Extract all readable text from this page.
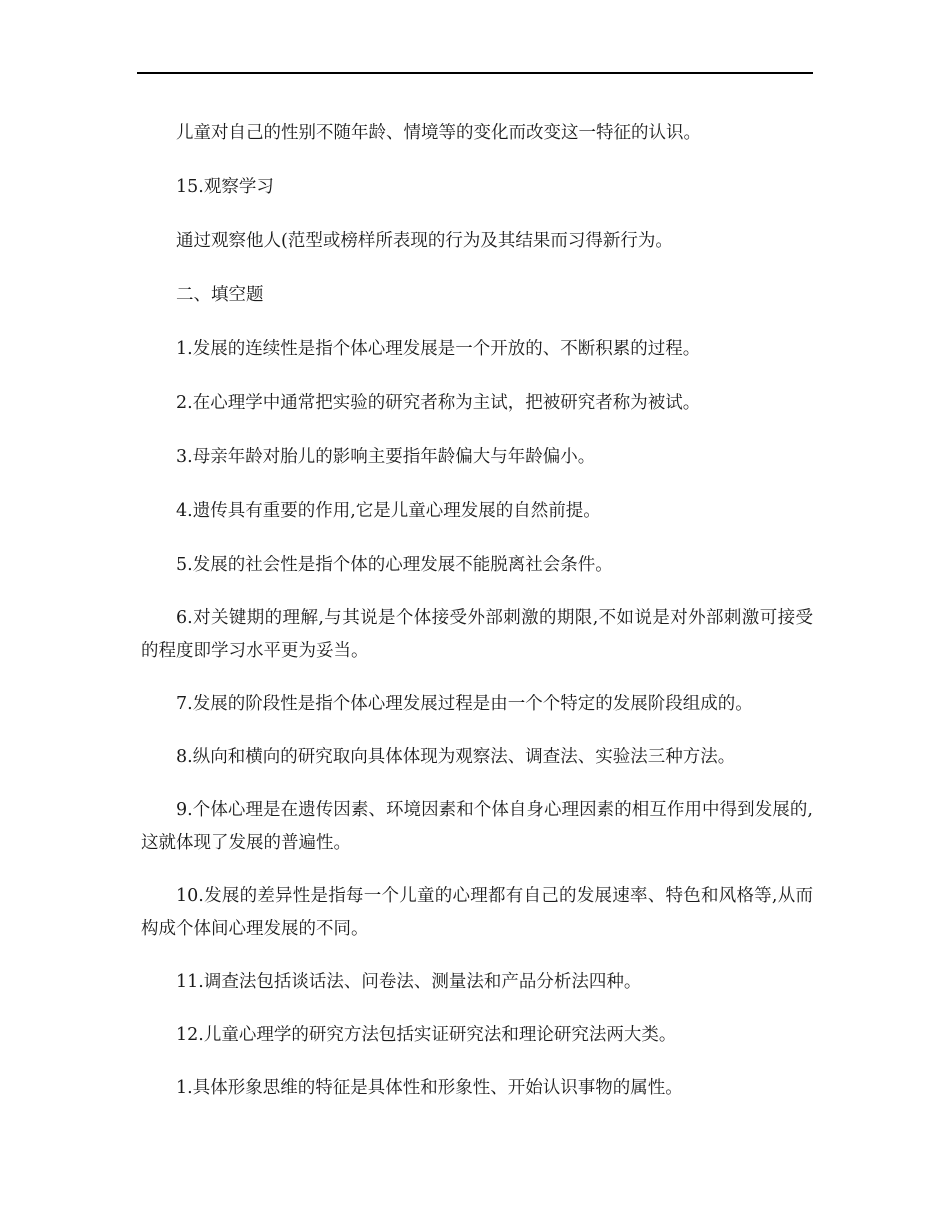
儿童对自己的性别不随年龄、情境等的变化而改变这一特征的认识。

15.观察学习

通过观察他人(范型或榜样所表现的行为及其结果而习得新行为。

二、填空题

1.发展的连续性是指个体心理发展是一个开放的、不断积累的过程。

2.在心理学中通常把实验的研究者称为主试，把被研究者称为被试。

3.母亲年龄对胎儿的影响主要指年龄偏大与年龄偏小。

4.遗传具有重要的作用,它是儿童心理发展的自然前提。

5.发展的社会性是指个体的心理发展不能脱离社会条件。

6.对关键期的理解,与其说是个体接受外部刺激的期限,不如说是对外部刺激可接受的程度即学习水平更为妥当。

7.发展的阶段性是指个体心理发展过程是由一个个特定的发展阶段组成的。

8.纵向和横向的研究取向具体体现为观察法、调查法、实验法三种方法。

9.个体心理是在遗传因素、环境因素和个体自身心理因素的相互作用中得到发展的,这就体现了发展的普遍性。

10.发展的差异性是指每一个儿童的心理都有自己的发展速率、特色和风格等,从而构成个体间心理发展的不同。

11.调查法包括谈话法、问卷法、测量法和产品分析法四种。

12.儿童心理学的研究方法包括实证研究法和理论研究法两大类。

1.具体形象思维的特征是具体性和形象性、开始认识事物的属性。
